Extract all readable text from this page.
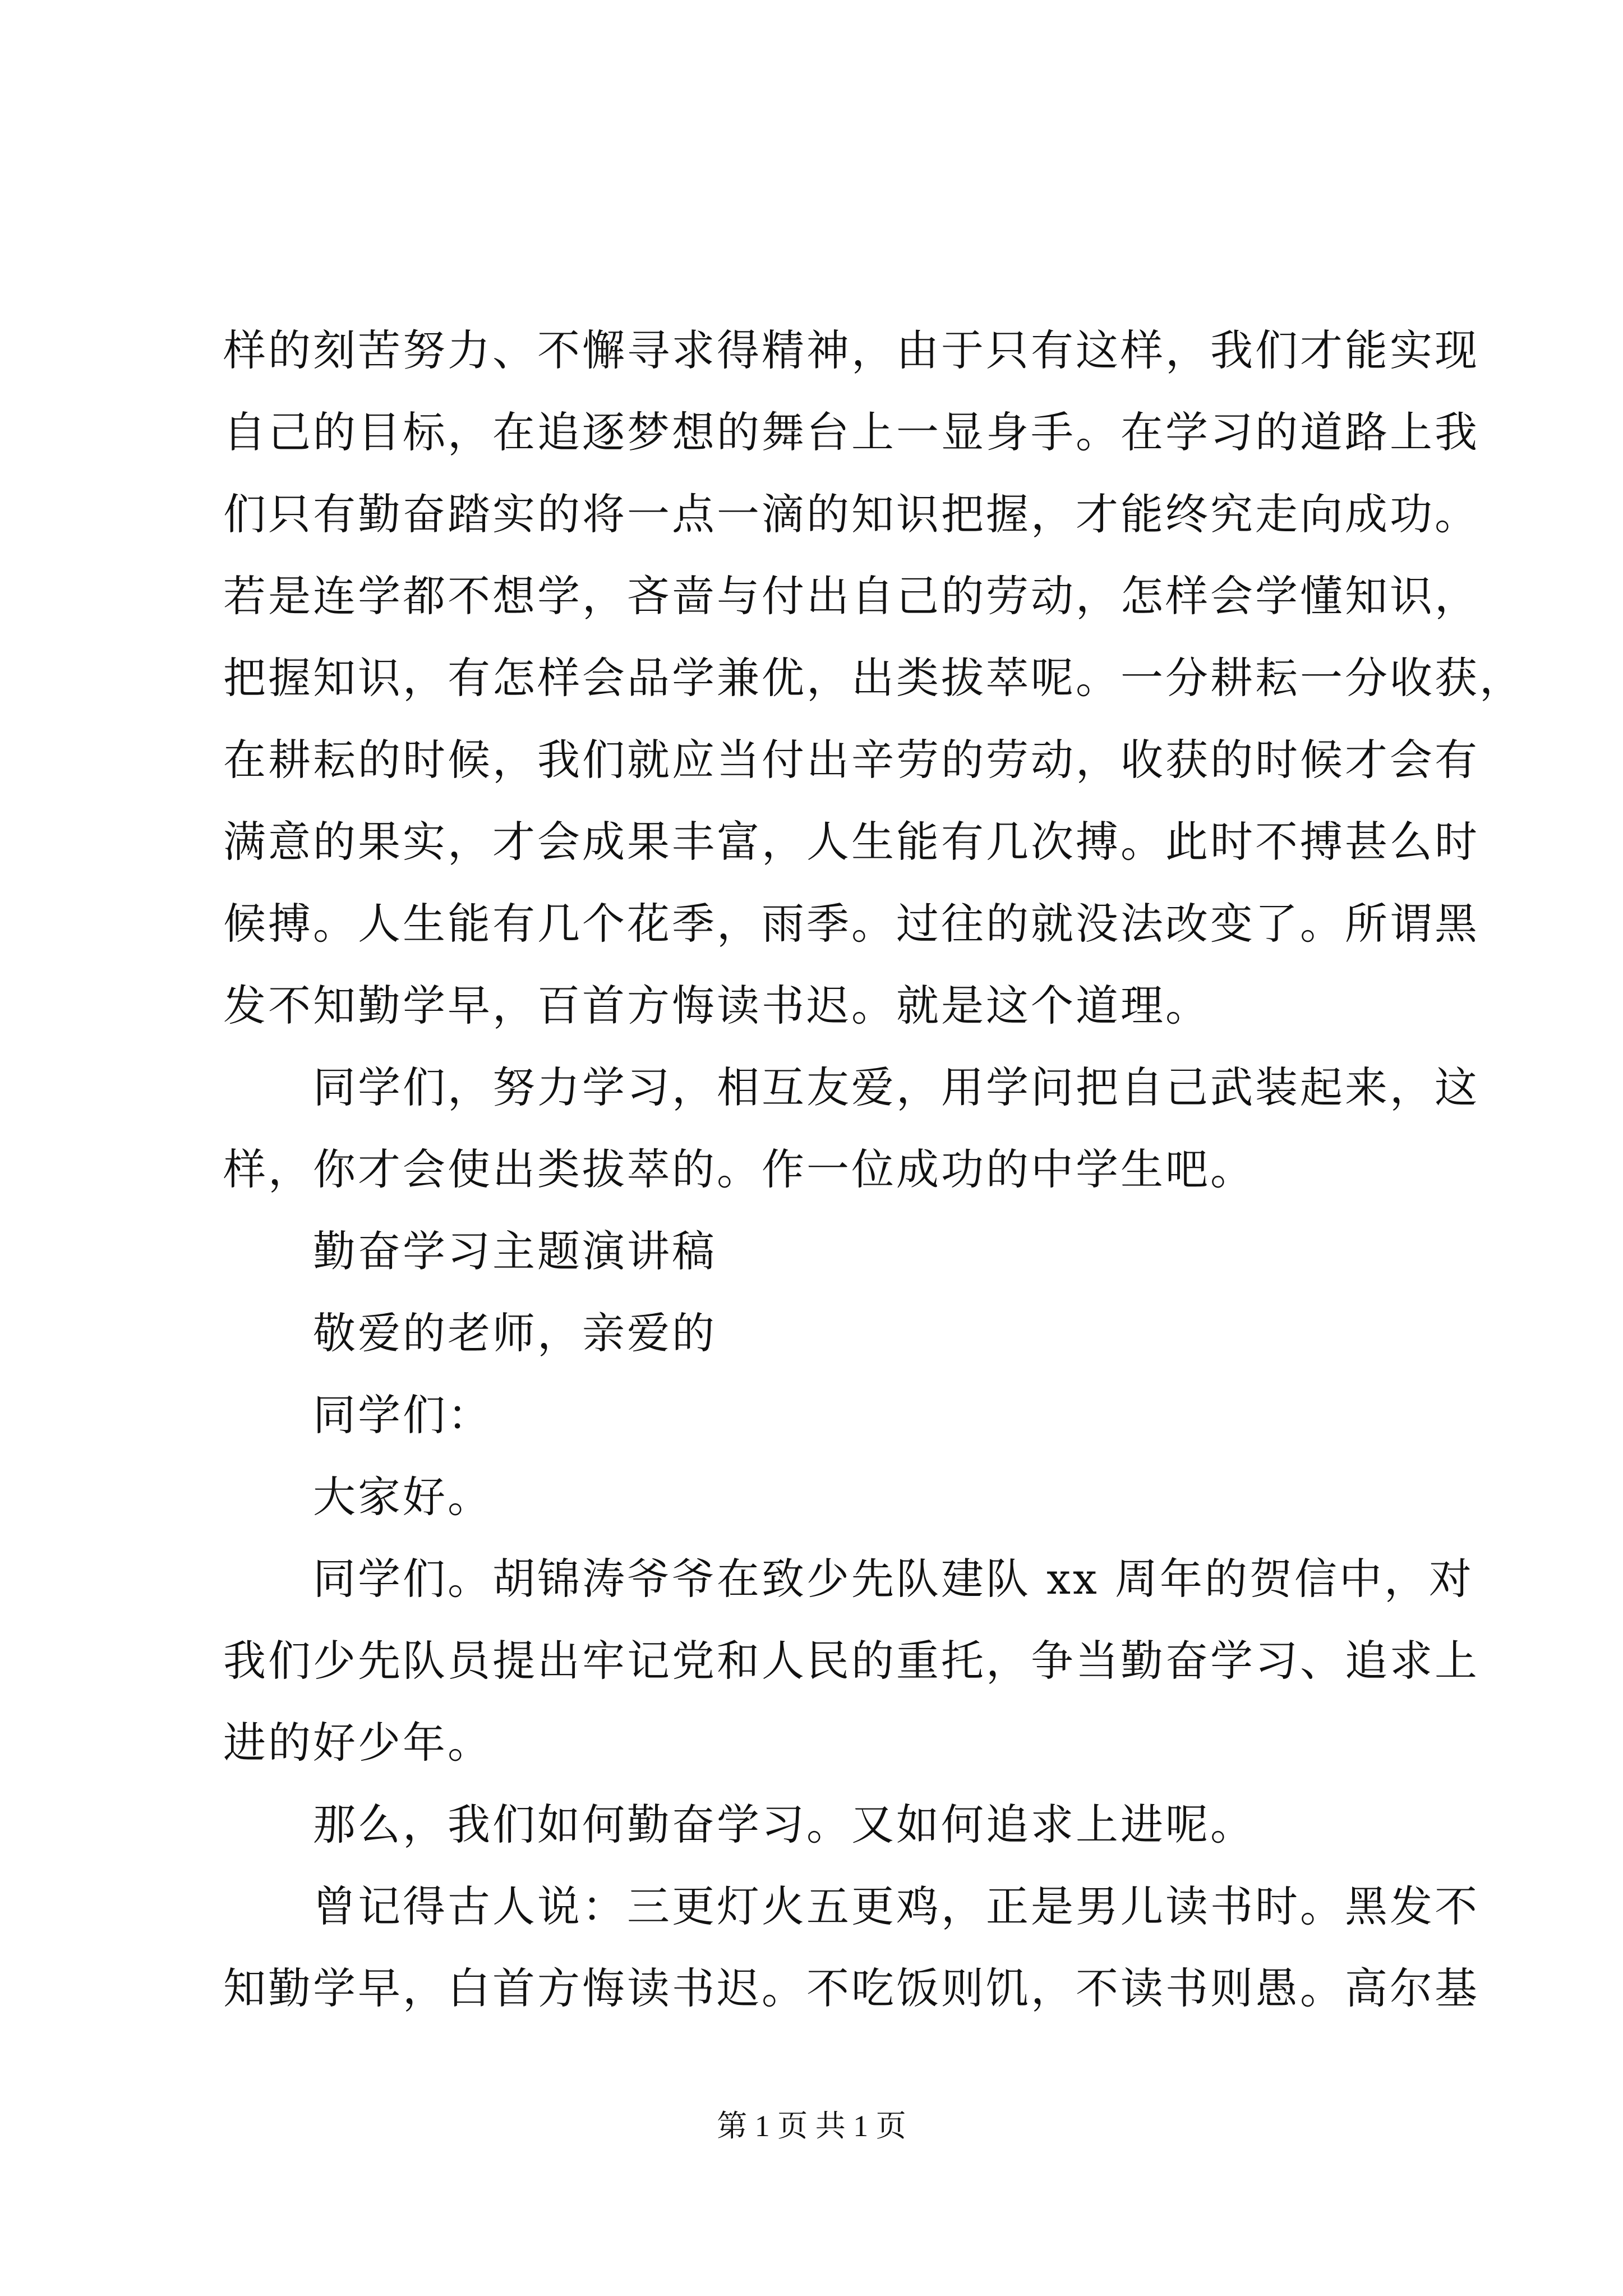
样的刻苦努力、不懈寻求得精神，由于只有这样，我们才能实现
自己的目标，在追逐梦想的舞台上一显身手。在学习的道路上我
们只有勤奋踏实的将一点一滴的知识把握，才能终究走向成功。
若是连学都不想学，吝啬与付出自己的劳动，怎样会学懂知识，
把握知识，有怎样会品学兼优，出类拔萃呢。一分耕耘一分收获，
在耕耘的时候，我们就应当付出辛劳的劳动，收获的时候才会有
满意的果实，才会成果丰富，人生能有几次搏。此时不搏甚么时
候搏。人生能有几个花季，雨季。过往的就没法改变了。所谓黑
发不知勤学早，百首方悔读书迟。就是这个道理。
　　同学们，努力学习，相互友爱，用学问把自己武装起来，这
样，你才会使出类拔萃的。作一位成功的中学生吧。
　　勤奋学习主题演讲稿
　　敬爱的老师，亲爱的
　　同学们：
　　大家好。
　　同学们。胡锦涛爷爷在致少先队建队 xx 周年的贺信中，对
我们少先队员提出牢记党和人民的重托，争当勤奋学习、追求上
进的好少年。
　　那么，我们如何勤奋学习。又如何追求上进呢。
　　曾记得古人说：三更灯火五更鸡，正是男儿读书时。黑发不
知勤学早，白首方悔读书迟。不吃饭则饥，不读书则愚。高尔基
第 1 页 共 1 页
